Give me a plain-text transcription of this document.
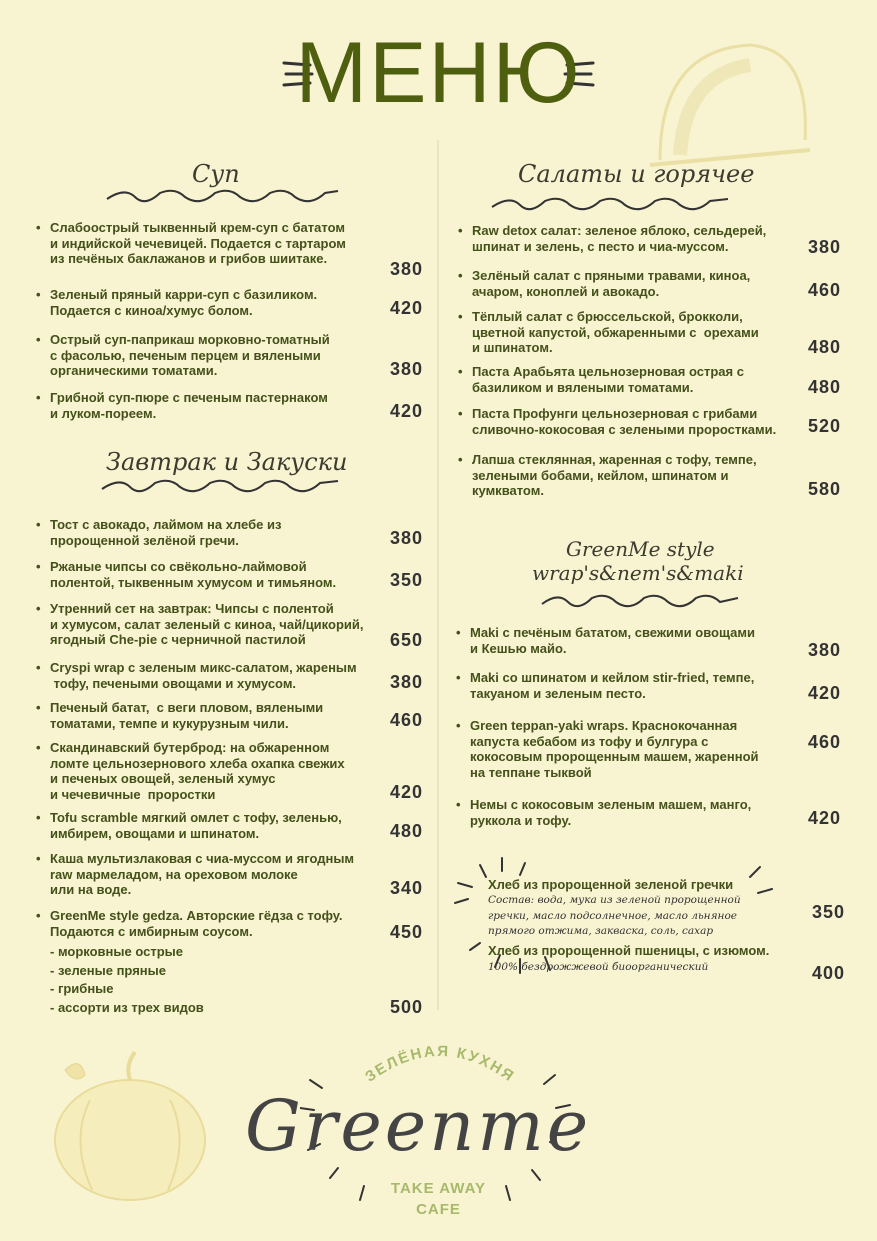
МЕНЮ
Суп
• Слабоострый тыквенный крем-суп с бататом
и индийской чечевицей. Подается с тартаром
из печёных баклажанов и грибов шиитаке.
380
• Зеленый пряный карри-суп с базиликом.
Подается с киноа/хумус болом.	420
• Острый суп-паприкаш морковно-томатный
с фасолью, печеным перцем и вялеными
органическими томатами.	380
• Грибной суп-пюре с печеным пастернаком
и луком-пореем.	420
Завтрак и Закуски
• Тост с авокадо, лаймом на хлебе из
пророщенной зелёной гречи.	380
• Ржаные чипсы со свёкольно-лаймовой
полентой, тыквенным хумусом и тимьяном.	350
• Утренний сет на завтрак: Чипсы с полентой
и хумусом, салат зеленый с киноа, чай/цикорий,
ягодный Che-pie с черничной пастилой	650
• Cryspi wrap с зеленым микс-салатом, жареным
тофу, печеными овощами и хумусом.	380
• Печеный батат,  с веги пловом, вялеными
томатами, темпе и кукурузным чили.	460
• Скандинавский бутерброд: на обжаренном
ломте цельнозернового хлеба охапка свежих
и печеных овощей, зеленый хумус
и чечевичные  проростки	420
• Tofu scramble мягкий омлет с тофу, зеленью,
имбирем, овощами и шпинатом.	480
• Каша мультизлаковая с чиа-муссом и ягодным
raw мармеладом, на ореховом молоке
или на воде.	340
• GreenMe style gedza. Авторские гёдза с тофу.
Подаются с имбирным соусом.	450
- морковные острые
- зеленые пряные
- грибные
- ассорти из трех видов	500
Салаты и горячее
• Raw detox салат: зеленое яблоко, сельдерей,
шпинат и зелень, с песто и чиа-муссом.	380
• Зелёный салат с пряными травами, киноа,
ачаром, коноплей и авокадо.	460
• Тёплый салат с брюссельской, брокколи,
цветной капустой, обжаренными с  орехами
и шпинатом.	480
• Паста Арабьята цельнозерновая острая с
базиликом и вялеными томатами.	480
• Паста Профунги цельнозерновая с грибами
сливочно-кокосовая с зелеными проростками. 520
• Лапша стеклянная, жаренная с тофу, темпе,
зелеными бобами, кейлом, шпинатом и
кумкватом.	580
GreenMe style
wrap's&nem's&maki
• Maki с печёным бататом, свежими овощами
и Кешью майо.	380
• Maki со шпинатом и кейлом stir-fried, темпе,
такуаном и зеленым песто.	420
• Green teppan-yaki wraps. Краснокочанная
капуста кебабом из тофу и булгура с
кокосовым пророщенным машем, жаренной
на теппане тыквой
460
• Немы с кокосовым зеленым машем, манго,
руккола и тофу.	420
Хлеб из пророщенной зеленой гречки
Состав: вода, мука из зеленой пророщенной
гречки, масло подсолнечное, масло льняное
прямого отжима, закваска, соль, сахар
350
Хлеб из пророщенной пшеницы, с изюмом.
100% бездрожжевой биоорганический	400
ЗЕЛЁНАЯ КУХНЯ
Greenme
TAKE AWAY
CAFE
